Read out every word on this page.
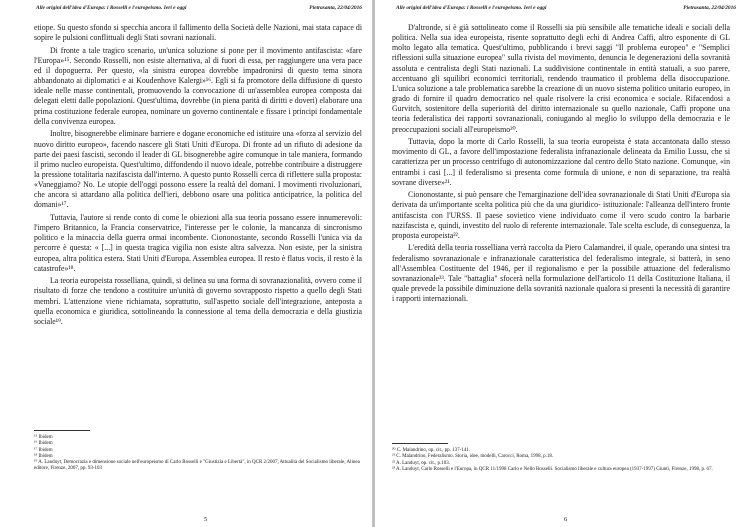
Alle origini dell'idea d'Europa: i Rosselli e l'europeismo. Ieri e oggi	Pietrasanta, 22/04/2016

etiope. Su questo sfondo si specchia ancora il fallimento della Società delle Nazioni, mai stata capace di sopire le pulsioni conflittuali degli Stati sovrani nazionali.

Di fronte a tale tragico scenario, un'unica soluzione si pone per il movimento antifascista: «fare l'Europa»¹⁵. Secondo Rosselli, non esiste alternativa, al di fuori di essa, per raggiungere una vera pace ed il dopoguerra. Per questo, «la sinistra europea dovrebbe impadronirsi di questo tema sinora abbandonato ai diplomatici e ai Koudenhove Kalergi»¹⁶. Egli si fa promotore della diffusione di questo ideale nelle masse continentali, promuovendo la convocazione di un'assemblea europea composta dai delegati eletti dalle popolazioni. Quest'ultima, dovrebbe (in piena parità di diritti e doveri) elaborare una prima costituzione federale europea, nominare un governo continentale e fissare i principi fondamentale della convivenza europea.

Inoltre, bisognerebbe eliminare barriere e dogane economiche ed istituire una «forza al servizio del nuovo diritto europeo», facendo nascere gli Stati Uniti d'Europa. Di fronte ad un rifiuto di adesione da parte dei paesi fascisti, secondo il leader di GL bisognerebbe agire comunque in tale maniera, formando il primo nucleo europeista. Quest'ultimo, diffondendo il nuovo ideale, potrebbe contribuire a distruggere la pressione totalitaria nazifascista dall'interno. A questo punto Rosselli cerca di riflettere sulla proposta: «Vaneggiamo? No. Le utopie dell'oggi possono essere la realtà del domani. I movimenti rivoluzionari, che ancora si attardano alla politica dell'ieri, debbono osare una politica anticipatrice, la politica del domani»¹⁷.

Tuttavia, l'autore si rende conto di come le obiezioni alla sua teoria possano essere innumerevoli: l'impero Britannico, la Francia conservatrice, l'interesse per le colonie, la mancanza di sincronismo politico e la minaccia della guerra ormai incombente. Ciononostante, secondo Rosselli l'unica via da percorre è questa: « [...] in questa tragica vigilia non esiste altra salvezza. Non esiste, per la sinistra europea, altra politica estera. Stati Uniti d'Europa. Assemblea europea. Il resto è flatus vocis, il resto è la catastrofe»¹⁸.

La teoria europeista rosselliana, quindi, si delinea su una forma di sovranazionalità, ovvero come il risultato di forze che tendono a costituire un'unità di governo sovrapposto rispetto a quello degli Stati membri. L'attenzione viene richiamata, soprattutto, sull'aspetto sociale dell'integrazione, anteposta a quella economica e giuridica, sottolineando la connessione al tema della democrazia e della giustizia sociale¹⁹.

¹⁵ Ibidem

¹⁶ Ibidem

¹⁷ Ibidem

¹⁸ Ibidem

¹⁹ A. Landuyt, Democrazia e dimensione sociale nell'europeismo di Carlo Rosselli e "Giustizia e Libertà", in QCR 2/2007, Attualità del Socialismo liberale, Alinea editore, Firenze, 2007, pp. 93-103

5
Alle origini dell'idea d'Europa: i Rosselli e l'europeismo. Ieri e oggi	Pietrasanta, 22/04/2016

D'altronde, si è già sottolineato come il Rosselli sia più sensibile alle tematiche ideali e sociali della politica. Nella sua idea europeista, risente soprattutto degli echi di Andrea Caffi, altro esponente di GL molto legato alla tematica. Quest'ultimo, pubblicando i brevi saggi "Il problema europeo" e "Semplici riflessioni sulla situazione europea" sulla rivista del movimento, denuncia le degenerazioni della sovranità assoluta e centralista degli Stati nazionali. La suddivisione continentale in entità statuali, a suo parere, accentuano gli squilibri economici territoriali, rendendo traumatico il problema della disoccupazione. L'unica soluzione a tale problematica sarebbe la creazione di un nuovo sistema politico unitario europeo, in grado di fornire il quadro democratico nel quale risolvere la crisi economica e sociale. Rifacendosi a Gurvitch, sostenitore della superiorità del diritto internazionale su quello nazionale, Caffi propone una teoria federalistica dei rapporti sovranazionali, coniugando al meglio lo sviluppo della democrazia e le preoccupazioni sociali all'europeismo²⁰.

Tuttavia, dopo la morte di Carlo Rosselli, la sua teoria europeista è stata accantonata dallo stesso movimento di GL, a favore dell'impostazione federalista infranazionale delineata da Emilio Lussu, che si caratterizza per un processo centrifugo di autonomizzazione dal centro dello Stato nazione. Comunque, «in entrambi i casi [...] il federalismo si presenta come formula di unione, e non di separazione, tra realtà sovrane diverse»²¹.

Ciononostante, si può pensare che l'emarginazione dell'idea sovranazionale di Stati Uniti d'Europa sia derivata da un'importante scelta politica più che da una giuridico- istituzionale: l'alleanza dell'intero fronte antifascista con l'URSS. Il paese sovietico viene individuato come il vero scudo contro la barbarie nazifascista e, quindi, investito del ruolo di referente internazionale. Tale scelta esclude, di conseguenza, la proposta europeista²².

L'eredità della teoria rosselliana verrà raccolta da Piero Calamandrei, il quale, operando una sintesi tra federalismo sovranazionale e infranazionale caratteristica del federalismo integrale, si batterà, in seno all'Assemblea Costituente del 1946, per il regionalismo e per la possibile attuazione del federalismo sovranazionale²³. Tale "battaglia" sfocerà nella formulazione dell'articolo 11 della Costituzione Italiana, il quale prevede la possibile diminuzione della sovranità nazionale qualora si presenti la necessità di garantire i rapporti internazionali.

²⁰ C. Malandrino, op. cit., pp. 137-141.

²¹ C. Malandrino, Federalismo. Storia, idee, modelli, Carocci, Roma, 1998, p.18.

²² A. Landuyt, op. cit., p.103.

²³ A. Landuyt, Carlo Rosselli e l'Europa, in QCR 11/1998 Carlo e Nello Rosselli. Socialismo liberale e cultura europea (1937-1997) Giunti, Firenze, 1998, p. 67.

6
